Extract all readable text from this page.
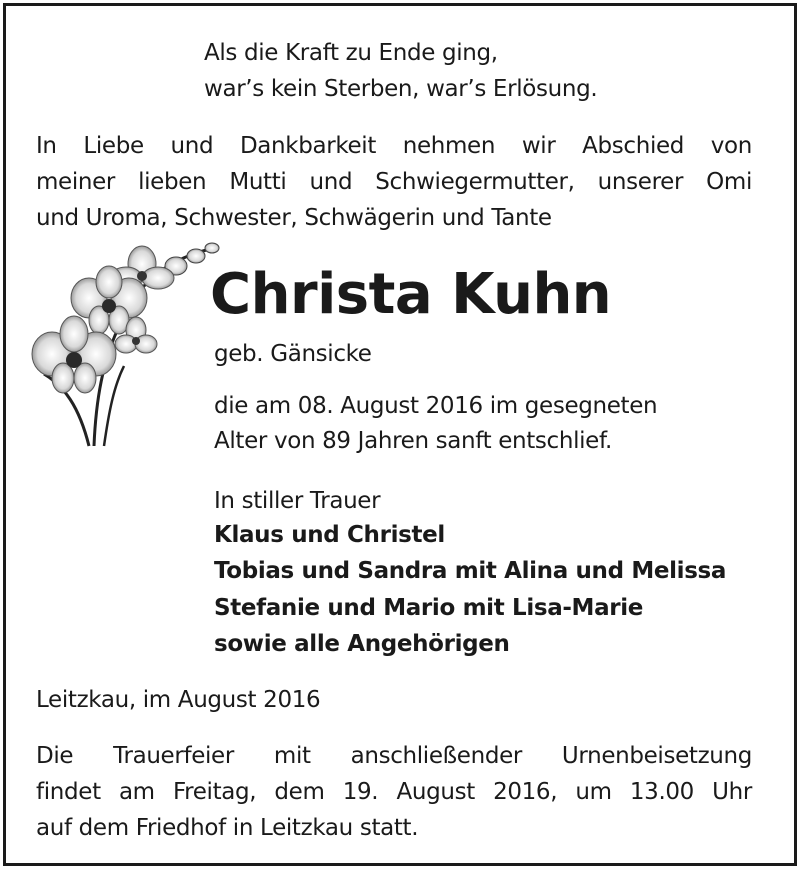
Als die Kraft zu Ende ging,

war’s kein Sterben, war’s Erlösung.

In Liebe und Dankbarkeit nehmen wir Abschied von

meiner lieben Mutti und Schwiegermutter, unserer Omi

und Uroma, Schwester, Schwägerin und Tante

Christa Kuhn

geb. Gänsicke

die am 08. August 2016 im gesegneten

Alter von 89 Jahren sanft entschlief.

In stiller Trauer

Klaus und Christel

Tobias und Sandra mit Alina und Melissa

Stefanie und Mario mit Lisa-Marie

sowie alle Angehörigen

Leitzkau, im August 2016

Die Trauerfeier mit anschließender Urnenbeisetzung

findet am Freitag, dem 19. August 2016, um 13.00 Uhr

auf dem Friedhof in Leitzkau statt.
